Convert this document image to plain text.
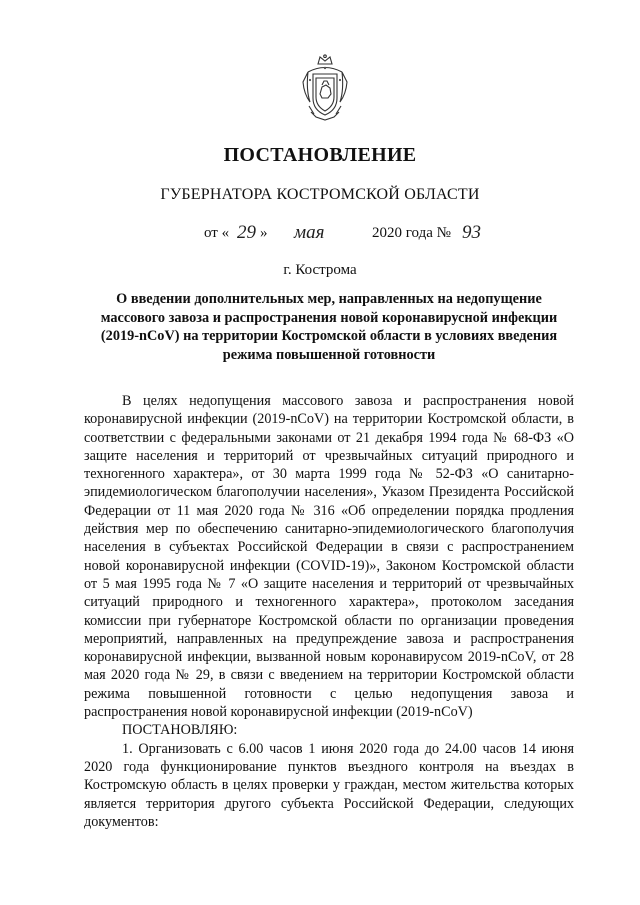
ПОСТАНОВЛЕНИЕ
ГУБЕРНАТОРА КОСТРОМСКОЙ ОБЛАСТИ
от « 29 » мая	2020 года № 93
г. Кострома
О введении дополнительных мер, направленных на недопущение массового завоза и распространения новой коронавирусной инфекции (2019-nCoV) на территории Костромской области в условиях введения режима повышенной готовности

В целях недопущения массового завоза и распространения новой коронавирусной инфекции (2019-nCoV) на территории Костромской области, в соответствии с федеральными законами от 21 декабря 1994 года № 68-ФЗ «О защите населения и территорий от чрезвычайных ситуаций природного и техногенного характера», от 30 марта 1999 года № 52-ФЗ «О санитарно-эпидемиологическом благополучии населения», Указом Президента Российской Федерации от 11 мая 2020 года № 316 «Об определении порядка продления действия мер по обеспечению санитарно-эпидемиологического благополучия населения в субъектах Российской Федерации в связи с распространением новой коронавирусной инфекции (COVID-19)», Законом Костромской области от 5 мая 1995 года № 7 «О защите населения и территорий от чрезвычайных ситуаций природного и техногенного характера», протоколом заседания комиссии при губернаторе Костромской области по организации проведения мероприятий, направленных на предупреждение завоза и распространения коронавирусной инфекции, вызванной новым коронавирусом 2019-nCoV, от 28 мая 2020 года № 29, в связи с введением на территории Костромской области режима повышенной готовности с целью недопущения завоза и распространения новой коронавирусной инфекции (2019-nCoV)

ПОСТАНОВЛЯЮ:

1. Организовать с 6.00 часов 1 июня 2020 года до 24.00 часов 14 июня 2020 года функционирование пунктов въездного контроля на въездах в Костромскую область в целях проверки у граждан, местом жительства которых является территория другого субъекта Российской Федерации, следующих документов:
